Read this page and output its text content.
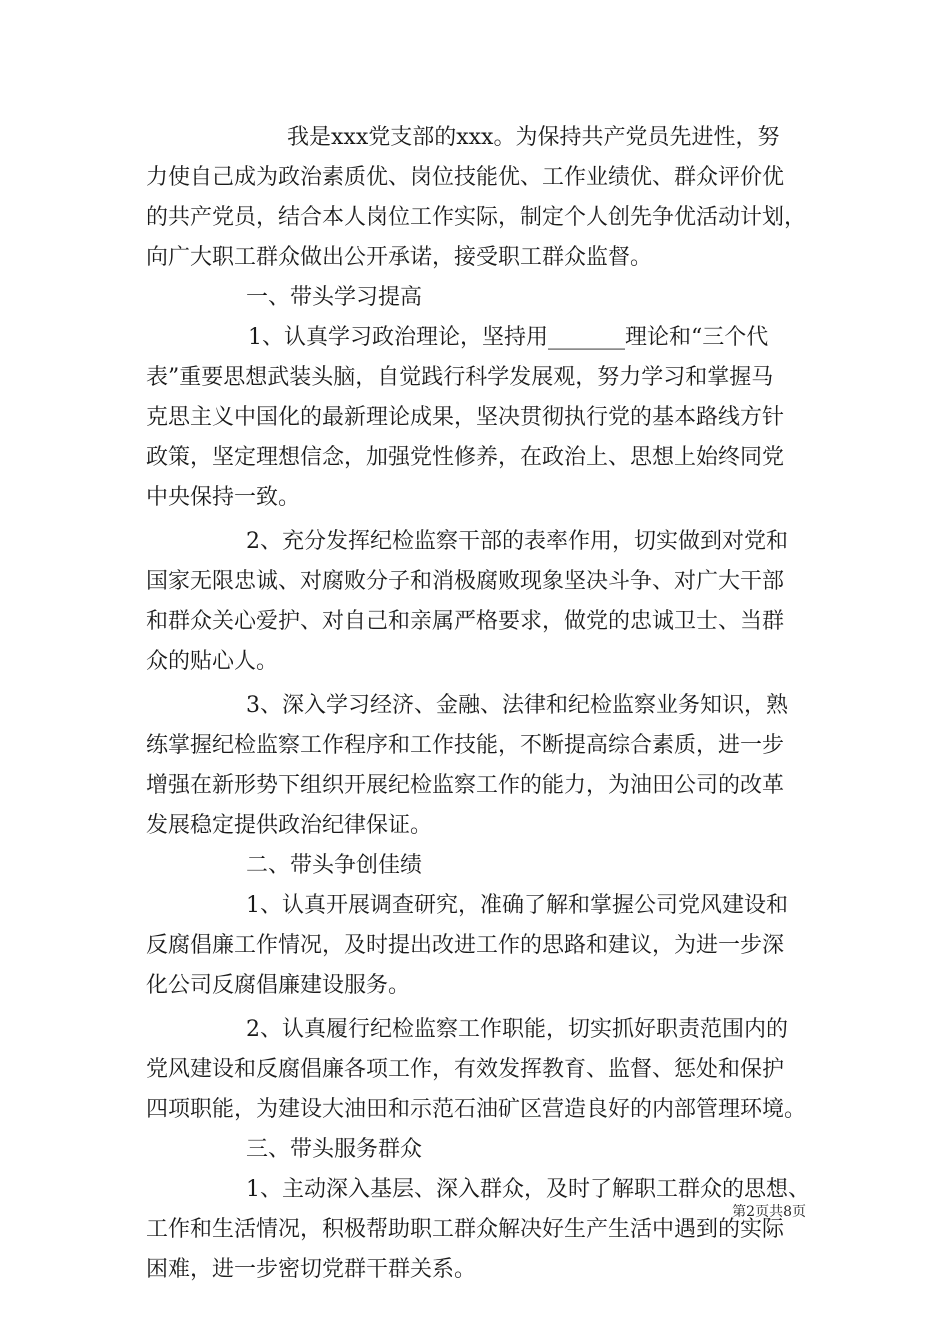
我是xxx党支部的xxx。为保持共产党员先进性，努
力使自己成为政治素质优、岗位技能优、工作业绩优、群众评价优
的共产党员，结合本人岗位工作实际，制定个人创先争优活动计划，
向广大职工群众做出公开承诺，接受职工群众监督。
一、带头学习提高
1、认真学习政治理论，坚持用_______理论和“三个代
表”重要思想武装头脑，自觉践行科学发展观，努力学习和掌握马
克思主义中国化的最新理论成果，坚决贯彻执行党的基本路线方针
政策，坚定理想信念，加强党性修养，在政治上、思想上始终同党
中央保持一致。
2、充分发挥纪检监察干部的表率作用，切实做到对党和
国家无限忠诚、对腐败分子和消极腐败现象坚决斗争、对广大干部
和群众关心爱护、对自己和亲属严格要求，做党的忠诚卫士、当群
众的贴心人。
3、深入学习经济、金融、法律和纪检监察业务知识，熟
练掌握纪检监察工作程序和工作技能，不断提高综合素质，进一步
增强在新形势下组织开展纪检监察工作的能力，为油田公司的改革
发展稳定提供政治纪律保证。
二、带头争创佳绩
1、认真开展调查研究，准确了解和掌握公司党风建设和
反腐倡廉工作情况，及时提出改进工作的思路和建议，为进一步深
化公司反腐倡廉建设服务。
2、认真履行纪检监察工作职能，切实抓好职责范围内的
党风建设和反腐倡廉各项工作，有效发挥教育、监督、惩处和保护
四项职能，为建设大油田和示范石油矿区营造良好的内部管理环境。
三、带头服务群众
1、主动深入基层、深入群众，及时了解职工群众的思想、
工作和生活情况，积极帮助职工群众解决好生产生活中遇到的实际
困难，进一步密切党群干群关系。
第2页共8页
